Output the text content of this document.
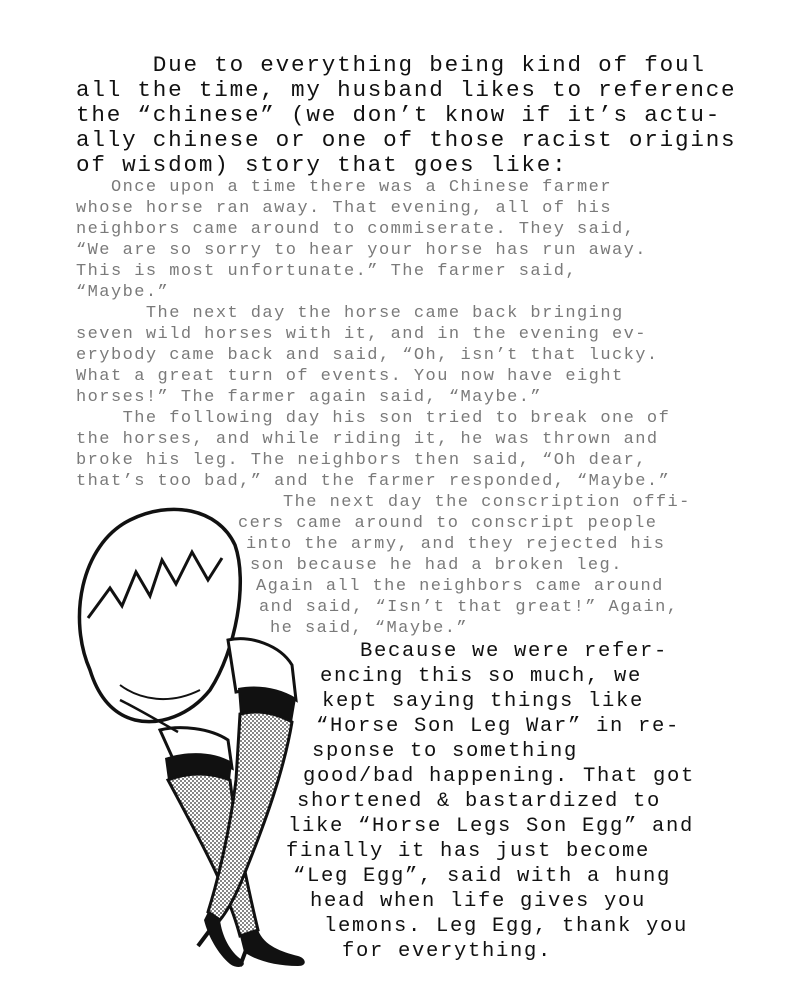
Due to everything being kind of foul

all the time, my husband likes to reference

the “chinese” (we don’t know if it’s actu-

ally chinese or one of those racist origins

of wisdom) story that goes like:

Once upon a time there was a Chinese farmer

whose horse ran away. That evening, all of his

neighbors came around to commiserate. They said,

“We are so sorry to hear your horse has run away.

This is most unfortunate.” The farmer said,

“Maybe.”

The next day the horse came back bringing

seven wild horses with it, and in the evening ev-

erybody came back and said, “Oh, isn’t that lucky.

What a great turn of events. You now have eight

horses!” The farmer again said, “Maybe.”

The following day his son tried to break one of

the horses, and while riding it, he was thrown and

broke his leg. The neighbors then said, “Oh dear,

that’s too bad,” and the farmer responded, “Maybe.”

The next day the conscription offi-

cers came around to conscript people

into the army, and they rejected his

son because he had a broken leg.

Again all the neighbors came around

and said, “Isn’t that great!” Again,

he said, “Maybe.”

Because we were refer-

encing this so much, we

kept saying things like

“Horse Son Leg War” in re-

sponse to something

good/bad happening. That got

shortened & bastardized to

like “Horse Legs Son Egg” and

finally it has just become

“Leg Egg”, said with a hung

head when life gives you

lemons. Leg Egg, thank you

for everything.
